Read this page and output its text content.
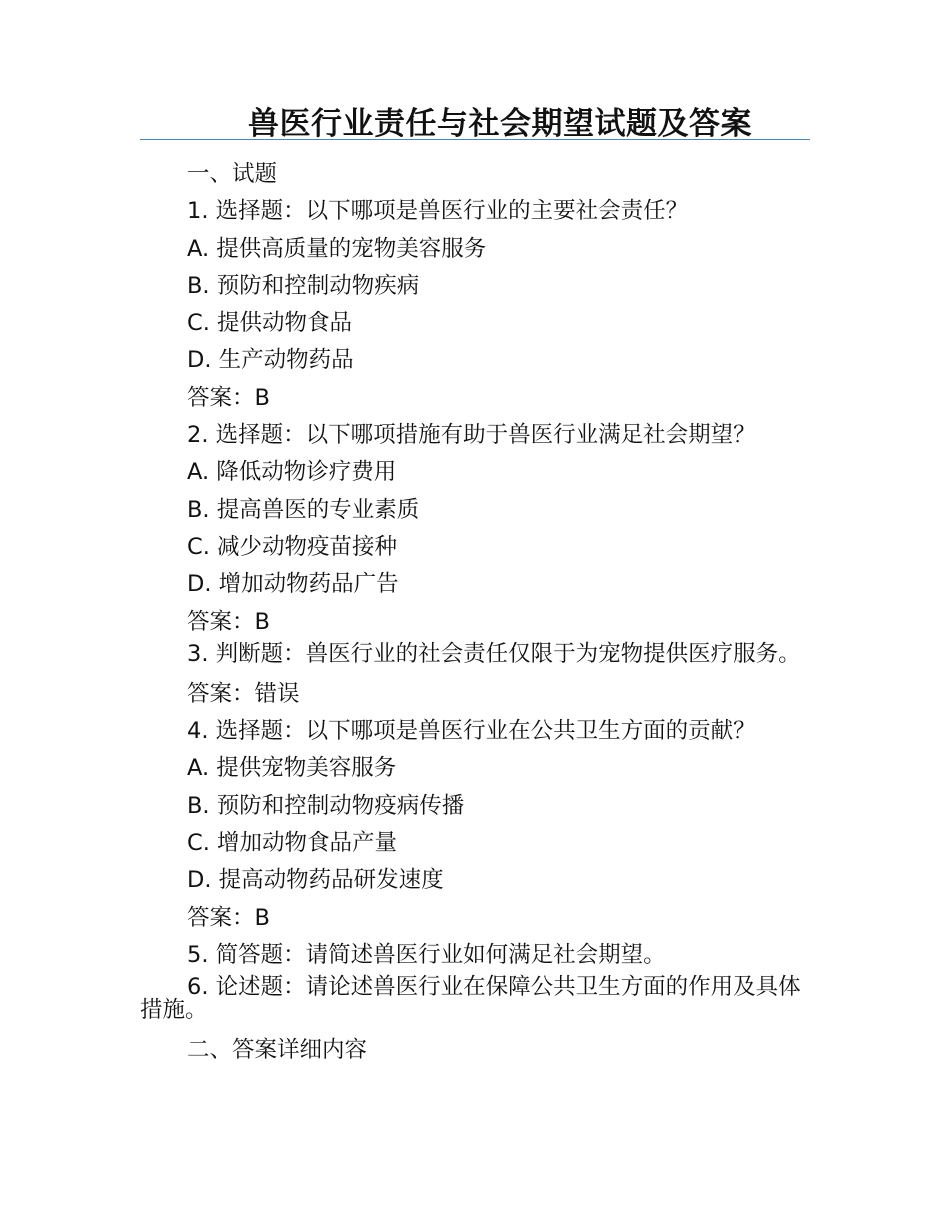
兽医行业责任与社会期望试题及答案
一、试题
1. 选择题：以下哪项是兽医行业的主要社会责任？
A. 提供高质量的宠物美容服务
B. 预防和控制动物疾病
C. 提供动物食品
D. 生产动物药品
答案：B
2. 选择题：以下哪项措施有助于兽医行业满足社会期望？
A. 降低动物诊疗费用
B. 提高兽医的专业素质
C. 减少动物疫苗接种
D. 增加动物药品广告
答案：B
3. 判断题：兽医行业的社会责任仅限于为宠物提供医疗服务。
答案：错误
4. 选择题：以下哪项是兽医行业在公共卫生方面的贡献？
A. 提供宠物美容服务
B. 预防和控制动物疫病传播
C. 增加动物食品产量
D. 提高动物药品研发速度
答案：B
5. 简答题：请简述兽医行业如何满足社会期望。
6. 论述题：请论述兽医行业在保障公共卫生方面的作用及具体措施。
二、答案详细内容
